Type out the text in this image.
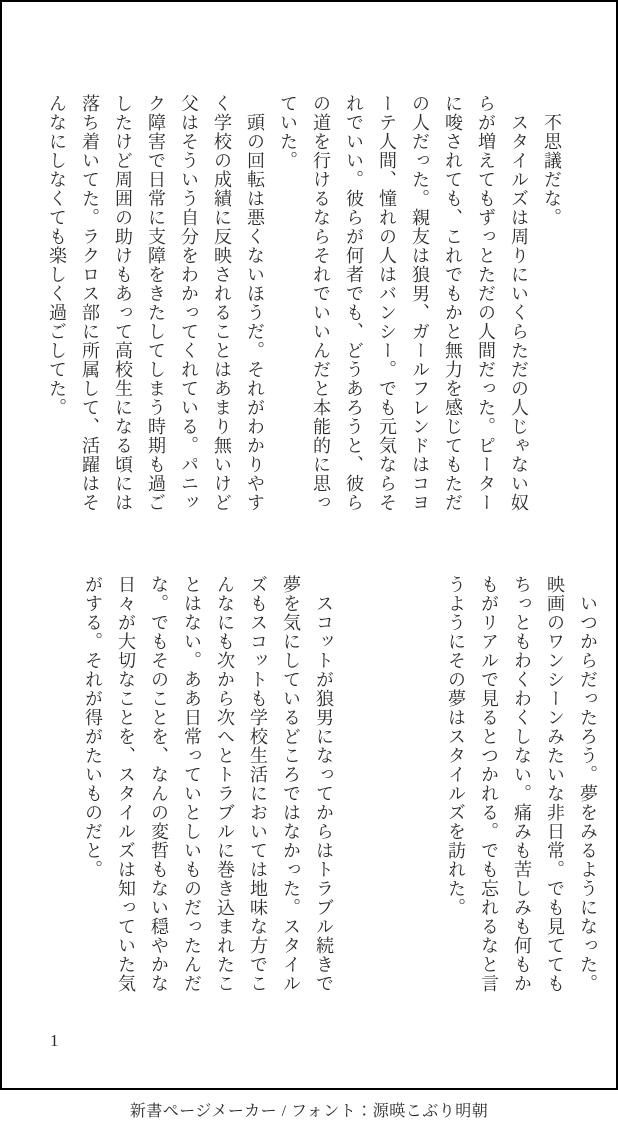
　不思議だな。
　スタイルズは周りにいくらただの人じゃない奴
らが増えてもずっとただの人間だった。ピーター
に唆されても、これでもかと無力を感じてもただ
の人だった。親友は狼男、ガールフレンドはコヨ
ーテ人間、憧れの人はバンシー。でも元気ならそ
れでいい。彼らが何者でも、どうあろうと、彼ら
の道を行けるならそれでいいんだと本能的に思っ
ていた。
　頭の回転は悪くないほうだ。それがわかりやす
く学校の成績に反映されることはあまり無いけど
父はそういう自分をわかってくれている。パニッ
ク障害で日常に支障をきたしてしまう時期も過ご
したけど周囲の助けもあって高校生になる頃には
落ち着いてた。ラクロス部に所属して、活躍はそ
んなにしなくても楽しく過ごしてた。
　いつからだったろう。夢をみるようになった。
映画のワンシーンみたいな非日常。でも見てても
ちっともわくわくしない。痛みも苦しみも何もか
もがリアルで見るとつかれる。でも忘れるなと言
うようにその夢はスタイルズを訪れた。
　スコットが狼男になってからはトラブル続きで
夢を気にしているどころではなかった。スタイル
ズもスコットも学校生活においては地味な方でこ
んなにも次から次へとトラブルに巻き込まれたこ
とはない。ああ日常っていとしいものだったんだ
な。でもそのことを、なんの変哲もない穏やかな
日々が大切なことを、スタイルズは知っていた気
がする。それが得がたいものだと。
1
新書ページメーカー / フォント：源暎こぶり明朝
